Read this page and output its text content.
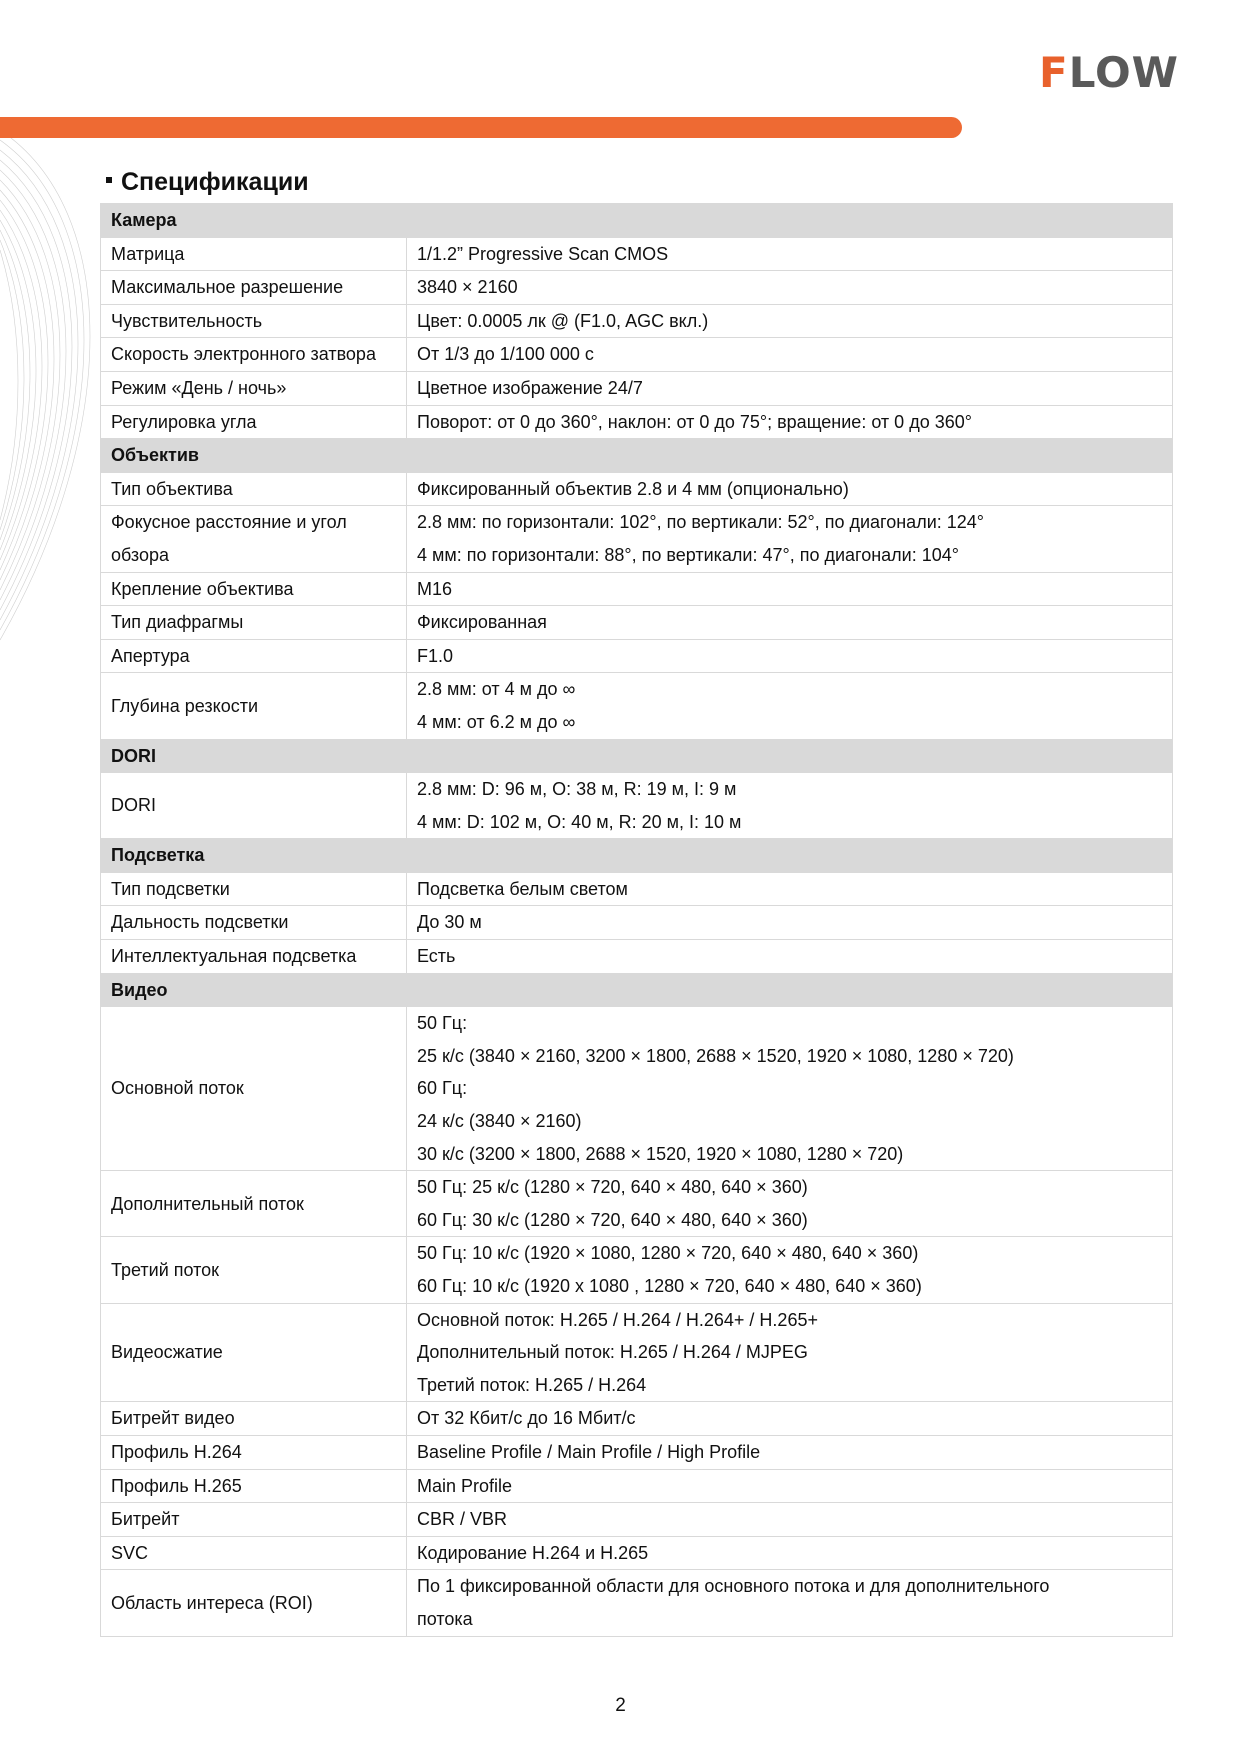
FLOW
Спецификации
Камера	
Матрица	1/1.2” Progressive Scan CMOS

Максимальное разрешение	3840 × 2160

Чувствительность	Цвет: 0.0005 лк @ (F1.0, AGC вкл.)

Скорость электронного затвора	От 1/3 до 1/100 000 с

Режим «День / ночь»	Цветное изображение 24/7

Регулировка угла	Поворот: от 0 до 360°, наклон: от 0 до 75°; вращение: от 0 до 360°

Объектив	
Тип объектива	Фиксированный объектив 2.8 и 4 мм (опционально)

Фокусное расстояние и угол обзора	2.8 мм: по горизонтали: 102°, по вертикали: 52°, по диагонали: 124°
4 мм: по горизонтали: 88°, по вертикали: 47°, по диагонали: 104°

Крепление объектива	M16

Тип диафрагмы	Фиксированная

Апертура	F1.0

Глубина резкости	2.8 мм: от 4 м до ∞
4 мм: от 6.2 м до ∞

DORI	
DORI	2.8 мм: D: 96 м, O: 38 м, R: 19 м, I: 9 м
4 мм: D: 102 м, O: 40 м, R: 20 м, I: 10 м

Подсветка	
Тип подсветки	Подсветка белым светом

Дальность подсветки	До 30 м

Интеллектуальная подсветка	Есть

Видео	
Основной поток	50 Гц:
25 к/с (3840 × 2160, 3200 × 1800, 2688 × 1520, 1920 × 1080, 1280 × 720)
60 Гц:
24 к/с (3840 × 2160)
30 к/с (3200 × 1800, 2688 × 1520, 1920 × 1080, 1280 × 720)

Дополнительный поток	50 Гц: 25 к/с (1280 × 720, 640 × 480, 640 × 360)
60 Гц: 30 к/с (1280 × 720, 640 × 480, 640 × 360)

Третий поток	50 Гц: 10 к/с (1920 × 1080, 1280 × 720, 640 × 480, 640 × 360)
60 Гц: 10 к/с (1920 x 1080 , 1280 × 720, 640 × 480, 640 × 360)

Видеосжатие	Основной поток: H.265 / H.264 / H.264+ / H.265+
Дополнительный поток: H.265 / H.264 / MJPEG
Третий поток: H.265 / H.264

Битрейт видео	От 32 Кбит/с до 16 Мбит/с

Профиль H.264	Baseline Profile / Main Profile / High Profile

Профиль H.265	Main Profile

Битрейт	CBR / VBR

SVC	Кодирование H.264 и H.265

Область интереса (ROI)	По 1 фиксированной области для основного потока и для дополнительного
потока
2
